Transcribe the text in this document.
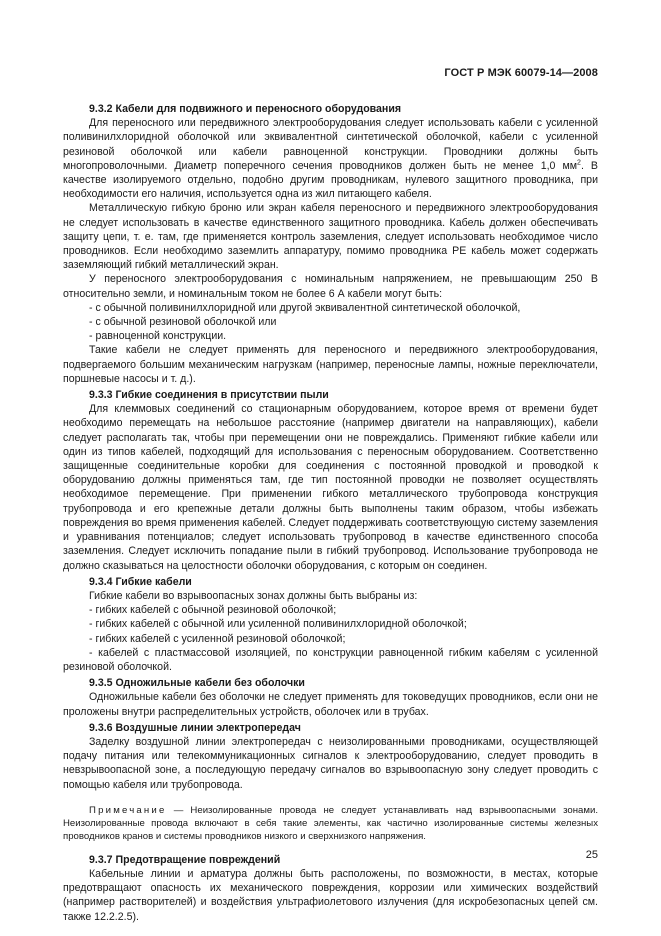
ГОСТ Р МЭК 60079-14—2008
9.3.2 Кабели для подвижного и переносного оборудования

Для переносного или передвижного электрооборудования следует использовать кабели с усиленной поливинилхлоридной оболочкой или эквивалентной синтетической оболочкой, кабели с усиленной резиновой оболочкой или кабели равноценной конструкции. Проводники должны быть многопроволочными. Диаметр поперечного сечения проводников должен быть не менее 1,0 $мм^2$. В качестве изолируемого отдельно, подобно другим проводникам, нулевого защитного проводника, при необходимости его наличия, используется одна из жил питающего кабеля.

Металлическую гибкую броню или экран кабеля переносного и передвижного электрооборудования не следует использовать в качестве единственного защитного проводника. Кабель должен обеспечивать защиту цепи, т. е. там, где применяется контроль заземления, следует использовать необходимое число проводников. Если необходимо заземлить аппаратуру, помимо проводника РЕ кабель может содержать заземляющий гибкий металлический экран.

У переносного электрооборудования с номинальным напряжением, не превышающим 250 В относительно земли, и номинальным током не более 6 А кабели могут быть:

- с обычной поливинилхлоридной или другой эквивалентной синтетической оболочкой,

- с обычной резиновой оболочкой или

- равноценной конструкции.

Такие кабели не следует применять для переносного и передвижного электрооборудования, подвергаемого большим механическим нагрузкам (например, переносные лампы, ножные переключатели, поршневые насосы и т. д.).

9.3.3 Гибкие соединения в присутствии пыли

Для клеммовых соединений со стационарным оборудованием, которое время от времени будет необходимо перемещать на небольшое расстояние (например двигатели на направляющих), кабели следует располагать так, чтобы при перемещении они не повреждались. Применяют гибкие кабели или один из типов кабелей, подходящий для использования с переносным оборудованием. Соответственно защищенные соединительные коробки для соединения с постоянной проводкой и проводкой к оборудованию должны применяться там, где тип постоянной проводки не позволяет осуществлять необходимое перемещение. При применении гибкого металлического трубопровода конструкция трубопровода и его крепежные детали должны быть выполнены таким образом, чтобы избежать повреждения во время применения кабелей. Следует поддерживать соответствующую систему заземления и уравнивания потенциалов; следует использовать трубопровод в качестве единственного способа заземления. Следует исключить попадание пыли в гибкий трубопровод. Использование трубопровода не должно сказываться на целостности оболочки оборудования, с которым он соединен.

9.3.4 Гибкие кабели

Гибкие кабели во взрывоопасных зонах должны быть выбраны из:

- гибких кабелей с обычной резиновой оболочкой;

- гибких кабелей с обычной или усиленной поливинилхлоридной оболочкой;

- гибких кабелей с усиленной резиновой оболочкой;

- кабелей с пластмассовой изоляцией, по конструкции равноценной гибким кабелям с усиленной резиновой оболочкой.

9.3.5 Одножильные кабели без оболочки

Одножильные кабели без оболочки не следует применять для токоведущих проводников, если они не проложены внутри распределительных устройств, оболочек или в трубах.

9.3.6 Воздушные линии электропередач

Заделку воздушной линии электропередач с неизолированными проводниками, осуществляющей подачу питания или телекоммуникационных сигналов к электрооборудованию, следует проводить в невзрывоопасной зоне, а последующую передачу сигналов во взрывоопасную зону следует проводить с помощью кабеля или трубопровода.

Примечание — Неизолированные провода не следует устанавливать над взрывоопасными зонами. Неизолированные провода включают в себя такие элементы, как частично изолированные системы железных проводников кранов и системы проводников низкого и сверхнизкого напряжения.

9.3.7 Предотвращение повреждений

Кабельные линии и арматура должны быть расположены, по возможности, в местах, которые предотвращают опасность их механического повреждения, коррозии или химических воздействий (например растворителей) и воздействия ультрафиолетового излучения (для искробезопасных цепей см. также 12.2.2.5).

25
